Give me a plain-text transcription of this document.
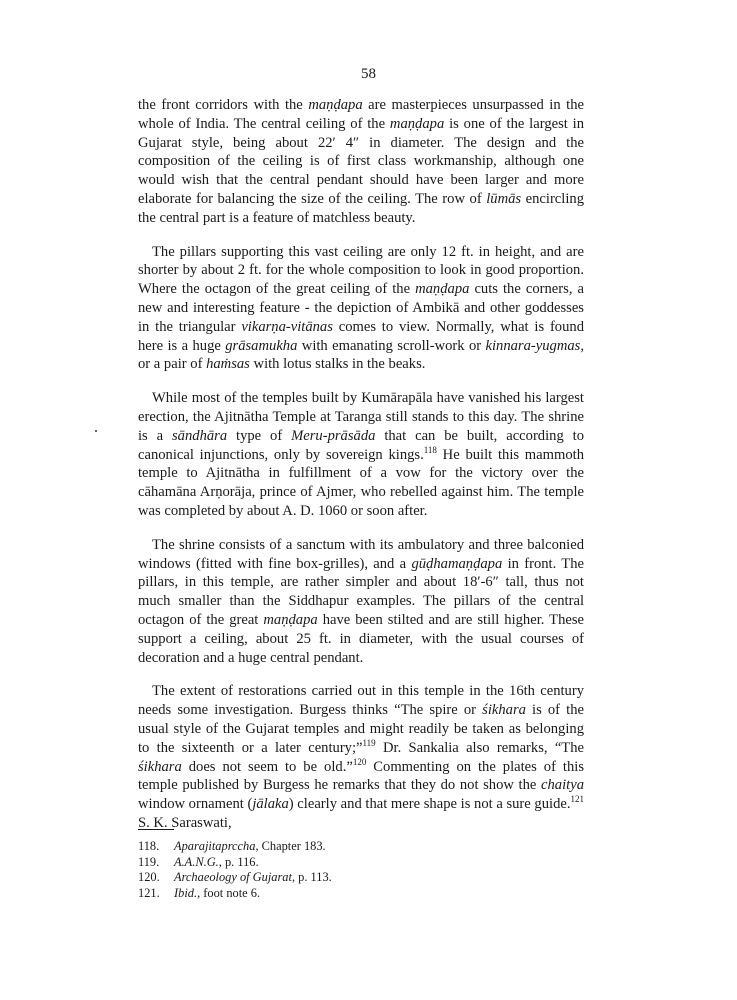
58

the front corridors with the maṇḍapa are masterpieces unsurpassed in the whole of India. The central ceiling of the maṇḍapa is one of the largest in Gujarat style, being about 22′ 4″ in diameter. The design and the composition of the ceiling is of first class workmanship, although one would wish that the central pendant should have been larger and more elaborate for balancing the size of the ceiling. The row of lūmās encircling the central part is a feature of matchless beauty.

The pillars supporting this vast ceiling are only 12 ft. in height, and are shorter by about 2 ft. for the whole composition to look in good proportion. Where the octagon of the great ceiling of the maṇḍapa cuts the corners, a new and interesting feature - the depiction of Ambikā and other goddesses in the triangular vikarṇa-vitānas comes to view. Normally, what is found here is a huge grāsamukha with emanating scroll-work or kinnara-yugmas, or a pair of haṁsas with lotus stalks in the beaks.

While most of the temples built by Kumārapāla have vanished his largest erection, the Ajitnātha Temple at Taranga still stands to this day. The shrine is a sāndhāra type of Meru-prāsāda that can be built, according to canonical injunctions, only by sovereign kings.$^{118}$ He built this mammoth temple to Ajitnātha in fulfillment of a vow for the victory over the cāhamāna Arṇorāja, prince of Ajmer, who rebelled against him. The temple was completed by about A. D. 1060 or soon after.

The shrine consists of a sanctum with its ambulatory and three balconied windows (fitted with fine box-grilles), and a gūḍhamaṇḍapa in front. The pillars, in this temple, are rather simpler and about 18′-6″ tall, thus not much smaller than the Siddhapur examples. The pillars of the central octagon of the great maṇḍapa have been stilted and are still higher. These support a ceiling, about 25 ft. in diameter, with the usual courses of decoration and a huge central pendant.

The extent of restorations carried out in this temple in the 16th century needs some investigation. Burgess thinks “The spire or śikhara is of the usual style of the Gujarat temples and might readily be taken as belonging to the sixteenth or a later century;”$^{119}$ Dr. Sankalia also remarks, “The śikhara does not seem to be old.”$^{120}$ Commenting on the plates of this temple published by Burgess he remarks that they do not show the chaitya window ornament (jālaka) clearly and that mere shape is not a sure guide.$^{121}$ S. K. Saraswati,

118.	Aparajitaprccha, Chapter 183.
119.	A.A.N.G., p. 116.
120.	Archaeology of Gujarat, p. 113.
121.	Ibid., foot note 6.
